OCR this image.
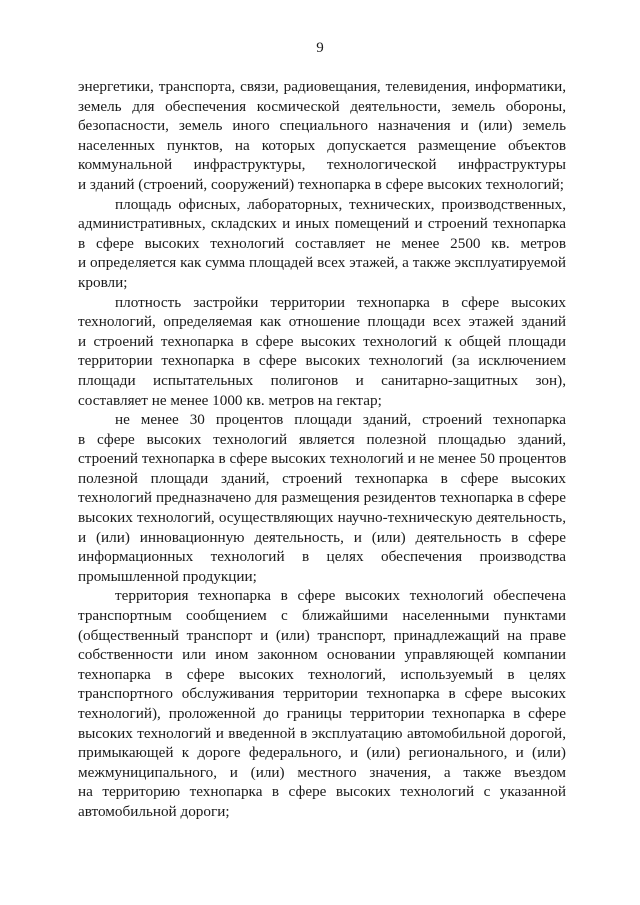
9

энергетики, транспорта, связи, радиовещания, телевидения, информатики,
земель для обеспечения космической деятельности, земель обороны,
безопасности, земель иного специального назначения и (или) земель
населенных пунктов, на которых допускается размещение объектов
коммунальной инфраструктуры, технологической инфраструктуры
и зданий (строений, сооружений) технопарка в сфере высоких технологий;

площадь офисных, лабораторных, технических, производственных,
административных, складских и иных помещений и строений технопарка
в сфере высоких технологий составляет не менее 2500 кв. метров
и определяется как сумма площадей всех этажей, а также эксплуатируемой
кровли;

плотность застройки территории технопарка в сфере высоких
технологий, определяемая как отношение площади всех этажей зданий
и строений технопарка в сфере высоких технологий к общей площади
территории технопарка в сфере высоких технологий (за исключением
площади испытательных полигонов и санитарно-защитных зон),
составляет не менее 1000 кв. метров на гектар;

не менее 30 процентов площади зданий, строений технопарка
в сфере высоких технологий является полезной площадью зданий,
строений технопарка в сфере высоких технологий и не менее 50 процентов
полезной площади зданий, строений технопарка в сфере высоких
технологий предназначено для размещения резидентов технопарка в сфере
высоких технологий, осуществляющих научно-техническую деятельность,
и (или) инновационную деятельность, и (или) деятельность в сфере
информационных технологий в целях обеспечения производства
промышленной продукции;

территория технопарка в сфере высоких технологий обеспечена
транспортным сообщением с ближайшими населенными пунктами
(общественный транспорт и (или) транспорт, принадлежащий на праве
собственности или ином законном основании управляющей компании
технопарка в сфере высоких технологий, используемый в целях
транспортного обслуживания территории технопарка в сфере высоких
технологий), проложенной до границы территории технопарка в сфере
высоких технологий и введенной в эксплуатацию автомобильной дорогой,
примыкающей к дороге федерального, и (или) регионального, и (или)
межмуниципального, и (или) местного значения, а также въездом
на территорию технопарка в сфере высоких технологий с указанной
автомобильной дороги;
